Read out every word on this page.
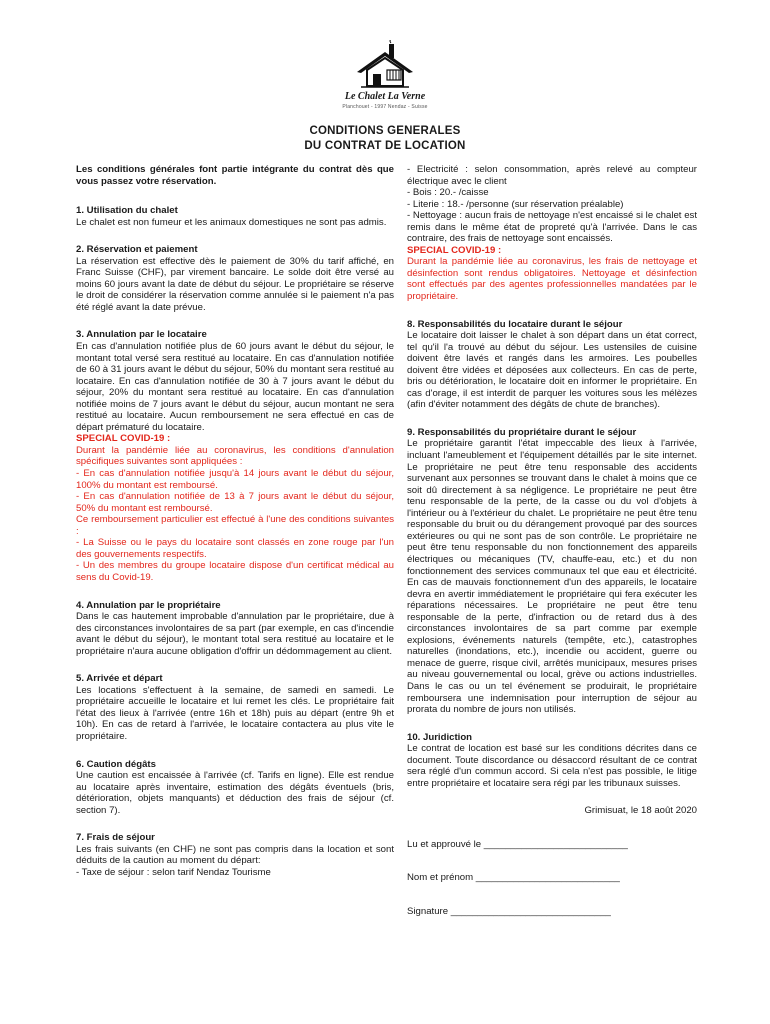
Le Chalet La Verne
Planchouet - 1997 Nendaz - Suisse
CONDITIONS GENERALES
DU CONTRAT DE LOCATION

Les conditions générales font partie intégrante du contrat dès que vous passez votre réservation.

1. Utilisation du chalet

Le chalet est non fumeur et les animaux domestiques ne sont pas admis.

2. Réservation et paiement

La réservation est effective dès le paiement de 30% du tarif affiché, en Franc Suisse (CHF), par virement bancaire. Le solde doit être versé au moins 60 jours avant la date de début du séjour. Le propriétaire se réserve le droit de considérer la réservation comme annulée si le paiement n'a pas été réglé avant la date prévue.

3. Annulation par le locataire

En cas d'annulation notifiée plus de 60 jours avant le début du séjour, le montant total versé sera restitué au locataire. En cas d'annulation notifiée de 60 à 31 jours avant le début du séjour, 50% du montant sera restitué au locataire. En cas d'annulation notifiée de 30 à 7 jours avant le début du séjour, 20% du montant sera restitué au locataire. En cas d'annulation notifiée moins de 7 jours avant le début du séjour, aucun montant ne sera restitué au locataire. Aucun remboursement ne sera effectué en cas de départ prématuré du locataire.

SPECIAL COVID-19 :

Durant la pandémie liée au coronavirus, les conditions d'annulation spécifiques suivantes sont appliquées :

- En cas d'annulation notifiée jusqu'à 14 jours avant le début du séjour, 100% du montant est remboursé.

- En cas d'annulation notifiée de 13 à 7 jours avant le début du séjour, 50% du montant est remboursé.

Ce remboursement particulier est effectué à l'une des conditions suivantes :

- La Suisse ou le pays du locataire sont classés en zone rouge par l'un des gouvernements respectifs.

- Un des membres du groupe locataire dispose d'un certificat médical au sens du Covid-19.

4. Annulation par le propriétaire

Dans le cas hautement improbable d'annulation par le propriétaire, due à des circonstances involontaires de sa part (par exemple, en cas d'incendie avant le début du séjour), le montant total sera restitué au locataire et le propriétaire n'aura aucune obligation d'offrir un dédommagement au client.

5. Arrivée et départ

Les locations s'effectuent à la semaine, de samedi en samedi. Le propriétaire accueille le locataire et lui remet les clés. Le propriétaire fait l'état des lieux à l'arrivée (entre 16h et 18h) puis au départ (entre 9h et 10h). En cas de retard à l'arrivée, le locataire contactera au plus vite le propriétaire.

6. Caution dégâts

Une caution est encaissée à l'arrivée (cf. Tarifs en ligne). Elle est rendue au locataire après inventaire, estimation des dégâts éventuels (bris, détérioration, objets manquants) et déduction des frais de séjour (cf. section 7).

7. Frais de séjour

Les frais suivants (en CHF) ne sont pas compris dans la location et sont déduits de la caution au moment du départ:

- Taxe de séjour : selon tarif Nendaz Tourisme

- Electricité : selon consommation, après relevé au compteur électrique avec le client

- Bois : 20.- /caisse

- Literie : 18.- /personne (sur réservation préalable)

- Nettoyage : aucun frais de nettoyage n'est encaissé si le chalet est remis dans le même état de propreté qu'à l'arrivée. Dans le cas contraire, des frais de nettoyage sont encaissés.

SPECIAL COVID-19 :

Durant la pandémie liée au coronavirus, les frais de nettoyage et désinfection sont rendus obligatoires. Nettoyage et désinfection sont effectués par des agentes professionnelles mandatées par le propriétaire.

8. Responsabilités du locataire durant le séjour

Le locataire doit laisser le chalet à son départ dans un état correct, tel qu'il l'a trouvé au début du séjour. Les ustensiles de cuisine doivent être lavés et rangés dans les armoires. Les poubelles doivent être vidées et déposées aux collecteurs. En cas de perte, bris ou détérioration, le locataire doit en informer le propriétaire. En cas d'orage, il est interdit de parquer les voitures sous les mélèzes (afin d'éviter notamment des dégâts de chute de branches).

9. Responsabilités du propriétaire durant le séjour

Le propriétaire garantit l'état impeccable des lieux à l'arrivée, incluant l'ameublement et l'équipement détaillés par le site internet. Le propriétaire ne peut être tenu responsable des accidents survenant aux personnes se trouvant dans le chalet à moins que ce soit dû directement à sa négligence. Le propriétaire ne peut être tenu responsable de la perte, de la casse ou du vol d'objets à l'intérieur ou à l'extérieur du chalet. Le propriétaire ne peut être tenu responsable du bruit ou du dérangement provoqué par des sources extérieures ou qui ne sont pas de son contrôle. Le propriétaire ne peut être tenu responsable du non fonctionnement des appareils électriques ou mécaniques (TV, chauffe-eau, etc.) et du non fonctionnement des services communaux tel que eau et électricité. En cas de mauvais fonctionnement d'un des appareils, le locataire devra en avertir immédiatement le propriétaire qui fera exécuter les réparations nécessaires. Le propriétaire ne peut être tenu responsable de la perte, d'infraction ou de retard dus à des circonstances involontaires de sa part comme par exemple explosions, événements naturels (tempête, etc.), catastrophes naturelles (inondations, etc.), incendie ou accident, guerre ou menace de guerre, risque civil, arrêtés municipaux, mesures prises au niveau gouvernemental ou local, grève ou actions industrielles. Dans le cas ou un tel événement se produirait, le propriétaire remboursera une indemnisation pour interruption de séjour au prorata du nombre de jours non utilisés.

10. Juridiction

Le contrat de location est basé sur les conditions décrites dans ce document. Toute discordance ou désaccord résultant de ce contrat sera réglé d'un commun accord. Si cela n'est pas possible, le litige entre propriétaire et locataire sera régi par les tribunaux suisses.

Grimisuat, le 18 août 2020

Lu et approuvé le ___________________________

Nom et prénom ___________________________

Signature ______________________________
